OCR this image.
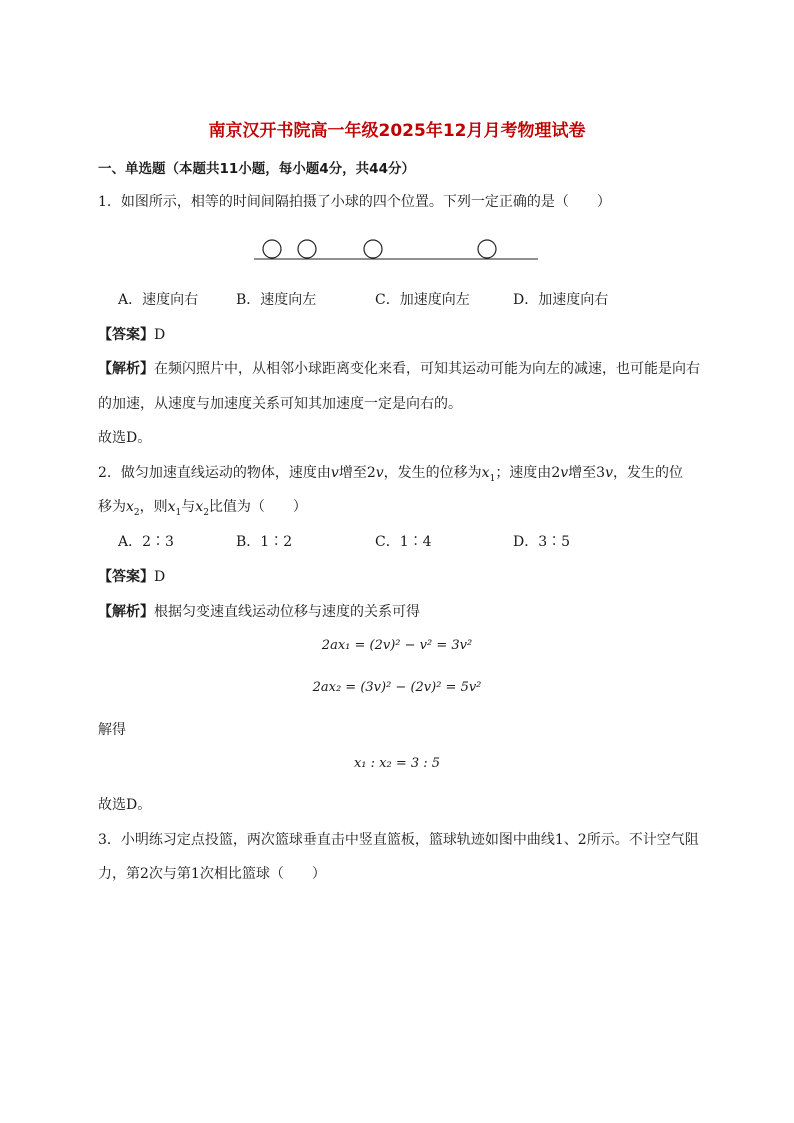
南京汉开书院高一年级2025年12月月考物理试卷
一、单选题（本题共11小题，每小题4分，共44分）
1．如图所示，相等的时间间隔拍摄了小球的四个位置。下列一定正确的是（　　）
A．速度向右	B．速度向左	C．加速度向左	D．加速度向右
【答案】D
【解析】在频闪照片中，从相邻小球距离变化来看，可知其运动可能为向左的减速，也可能是向右
的加速，从速度与加速度关系可知其加速度一定是向右的。
故选D。
2．做匀加速直线运动的物体，速度由v增至2v，发生的位移为$x_1$；速度由2v增至3v，发生的位
移为$x_2$，则$x_1$与$x_2$比值为（　　）
A．2∶3	B．1∶2	C．1∶4	D．3∶5
【答案】D
【解析】根据匀变速直线运动位移与速度的关系可得
2ax₁ = (2v)² − v² = 3v²
2ax₂ = (3v)² − (2v)² = 5v²
解得
x₁ : x₂ = 3 : 5
故选D。
3．小明练习定点投篮，两次篮球垂直击中竖直篮板，篮球轨迹如图中曲线1、2所示。不计空气阻
力，第2次与第1次相比篮球（　　）
